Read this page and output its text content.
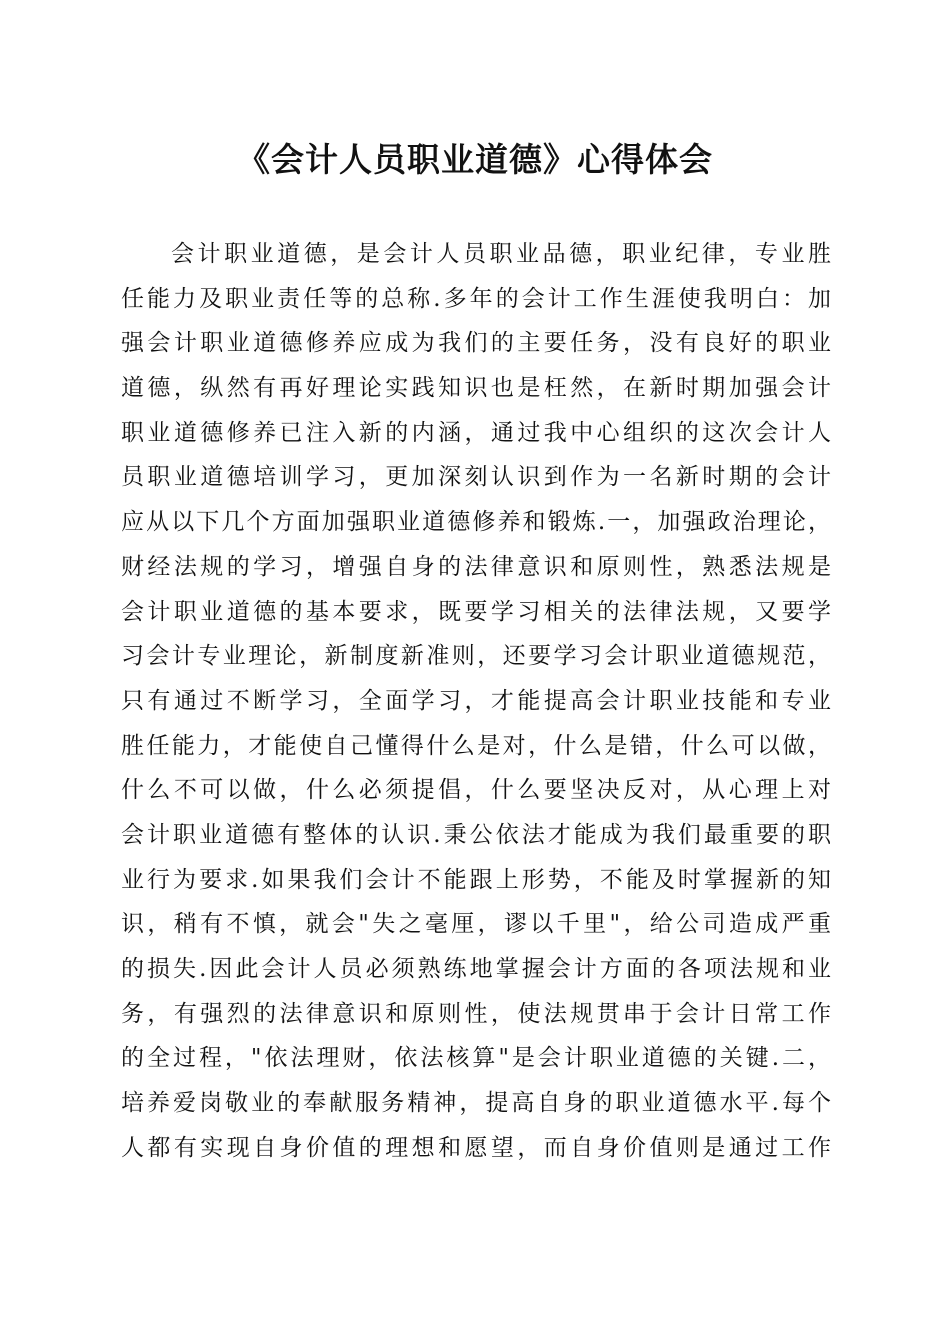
《会计人员职业道德》心得体会
会计职业道德，是会计人员职业品德，职业纪律，专业胜
任能力及职业责任等的总称.多年的会计工作生涯使我明白：加
强会计职业道德修养应成为我们的主要任务，没有良好的职业
道德，纵然有再好理论实践知识也是枉然，在新时期加强会计
职业道德修养已注入新的内涵，通过我中心组织的这次会计人
员职业道德培训学习，更加深刻认识到作为一名新时期的会计
应从以下几个方面加强职业道德修养和锻炼.一，加强政治理论，
财经法规的学习，增强自身的法律意识和原则性，熟悉法规是
会计职业道德的基本要求，既要学习相关的法律法规，又要学
习会计专业理论，新制度新准则，还要学习会计职业道德规范，
只有通过不断学习，全面学习，才能提高会计职业技能和专业
胜任能力，才能使自己懂得什么是对，什么是错，什么可以做，
什么不可以做，什么必须提倡，什么要坚决反对，从心理上对
会计职业道德有整体的认识.秉公依法才能成为我们最重要的职
业行为要求.如果我们会计不能跟上形势，不能及时掌握新的知
识，稍有不慎，就会"失之毫厘，谬以千里"，给公司造成严重
的损失.因此会计人员必须熟练地掌握会计方面的各项法规和业
务，有强烈的法律意识和原则性，使法规贯串于会计日常工作
的全过程，"依法理财，依法核算"是会计职业道德的关键.二，
培养爱岗敬业的奉献服务精神，提高自身的职业道德水平.每个
人都有实现自身价值的理想和愿望，而自身价值则是通过工作
